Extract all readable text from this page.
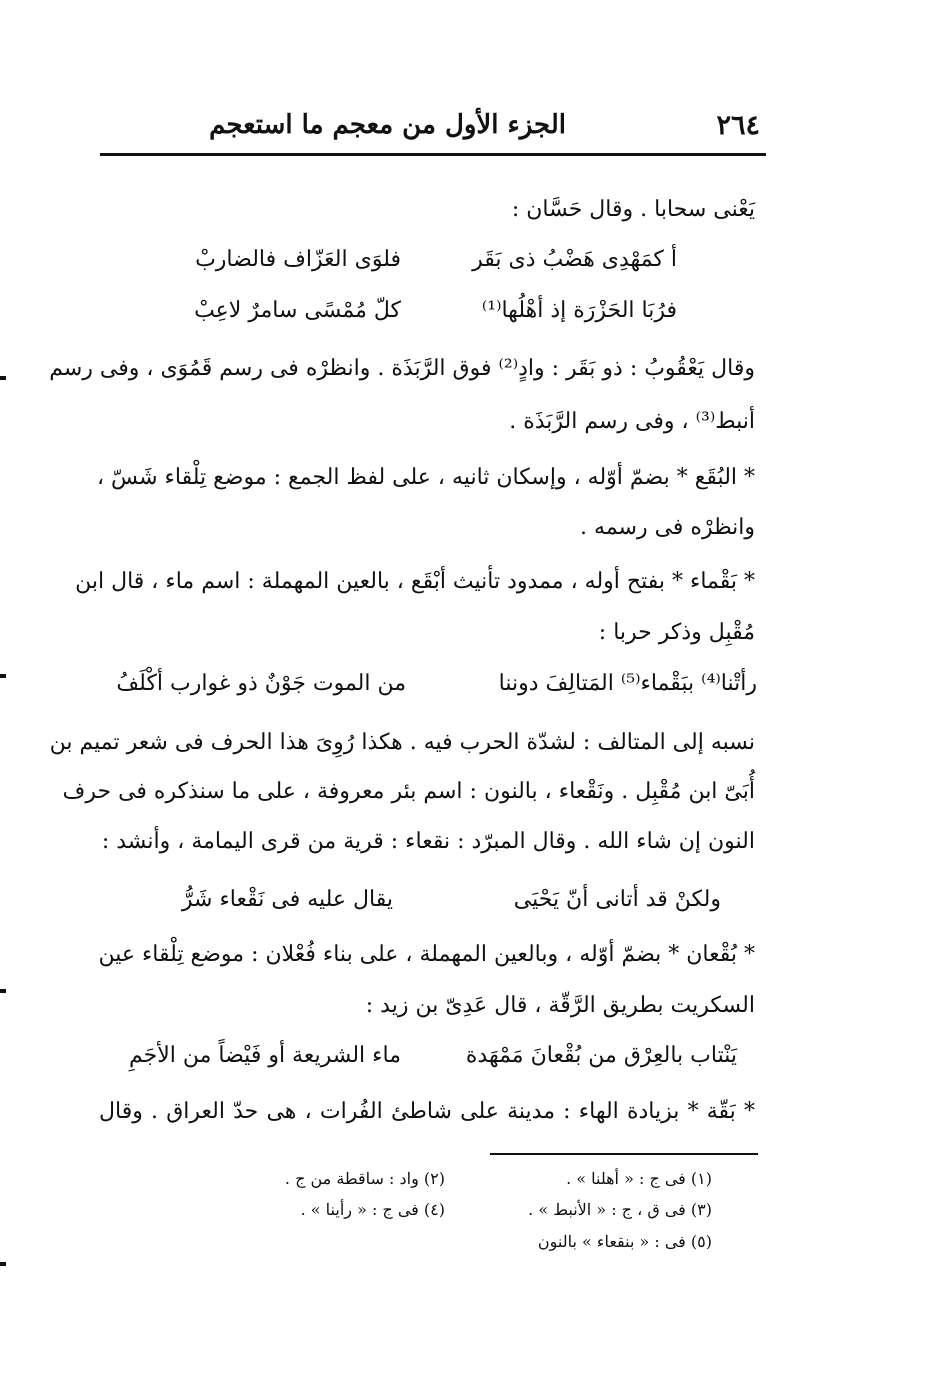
٢٦٤
الجزء الأول من معجم ما استعجم
يَعْنى سحابا . وقال حَسَّان :
أ كمَهْدِى هَضْبُ ذى بَقَر
فلوَى العَزّاف فالضاربْ
فرُبَا الحَزْرَة إذ أهْلُها⁽¹⁾
كلّ مُمْسًى سامرٌ لاعِبْ
وقال يَعْقُوبُ : ذو بَقَر : وادٍ⁽²⁾ فوق الرَّبَذَة . وانظرْه فى رسم قَمُوَى ، وفى رسم
أنبط⁽³⁾ ، وفى رسم الرَّبَذَة .
* البُقَع * بضمّ أوّله ، وإسكان ثانيه ، على لفظ الجمع : موضع تِلْقاء شَسّ ،
وانظرْه فى رسمه .
* بَقْماء * بفتح أوله ، ممدود تأنيث أبْقَع ، بالعين المهملة : اسم ماء ، قال ابن
مُقْبِل وذكر حربا :
رأتْنا⁽⁴⁾ ببَقْماء⁽⁵⁾ المَتالِفَ دوننا
من الموت جَوْنٌ ذو غوارب أكْلَفُ
نسبه إلى المتالف : لشدّة الحرب فيه . هكذا رُوِىَ هذا الحرف فى شعر تميم بن
أُبَىّ ابن مُقْبِل . ونَقْعاء ، بالنون : اسم بئر معروفة ، على ما سنذكره فى حرف
النون إن شاء الله . وقال المبرّد : نقعاء : قرية من قرى اليمامة ، وأنشد :
ولكنْ قد أتانى أنّ يَحْيَى
يقال عليه فى نَقْعاء شَرُّ
* بُقْعان * بضمّ أوّله ، وبالعين المهملة ، على بناء فُعْلان : موضع تِلْقاء عين
السكريت بطريق الرَّقّة ، قال عَدِىّ بن زيد :
يَنْتاب بالعِرْق من بُقْعانَ مَمْهَدة
ماء الشريعة أو فَيْضاً من الأجَمِ
* بَقّة * بزيادة الهاء : مدينة على شاطئ الفُرات ، هى حدّ العراق . وقال
(١) فى ج : « أهلنا » .
(٢) واد : ساقطة من ج .
(٣) فى ق ، ج : « الأنبط » .
(٤) فى ج : « رأينا » .
(٥) فى : « بنقعاء » بالنون
